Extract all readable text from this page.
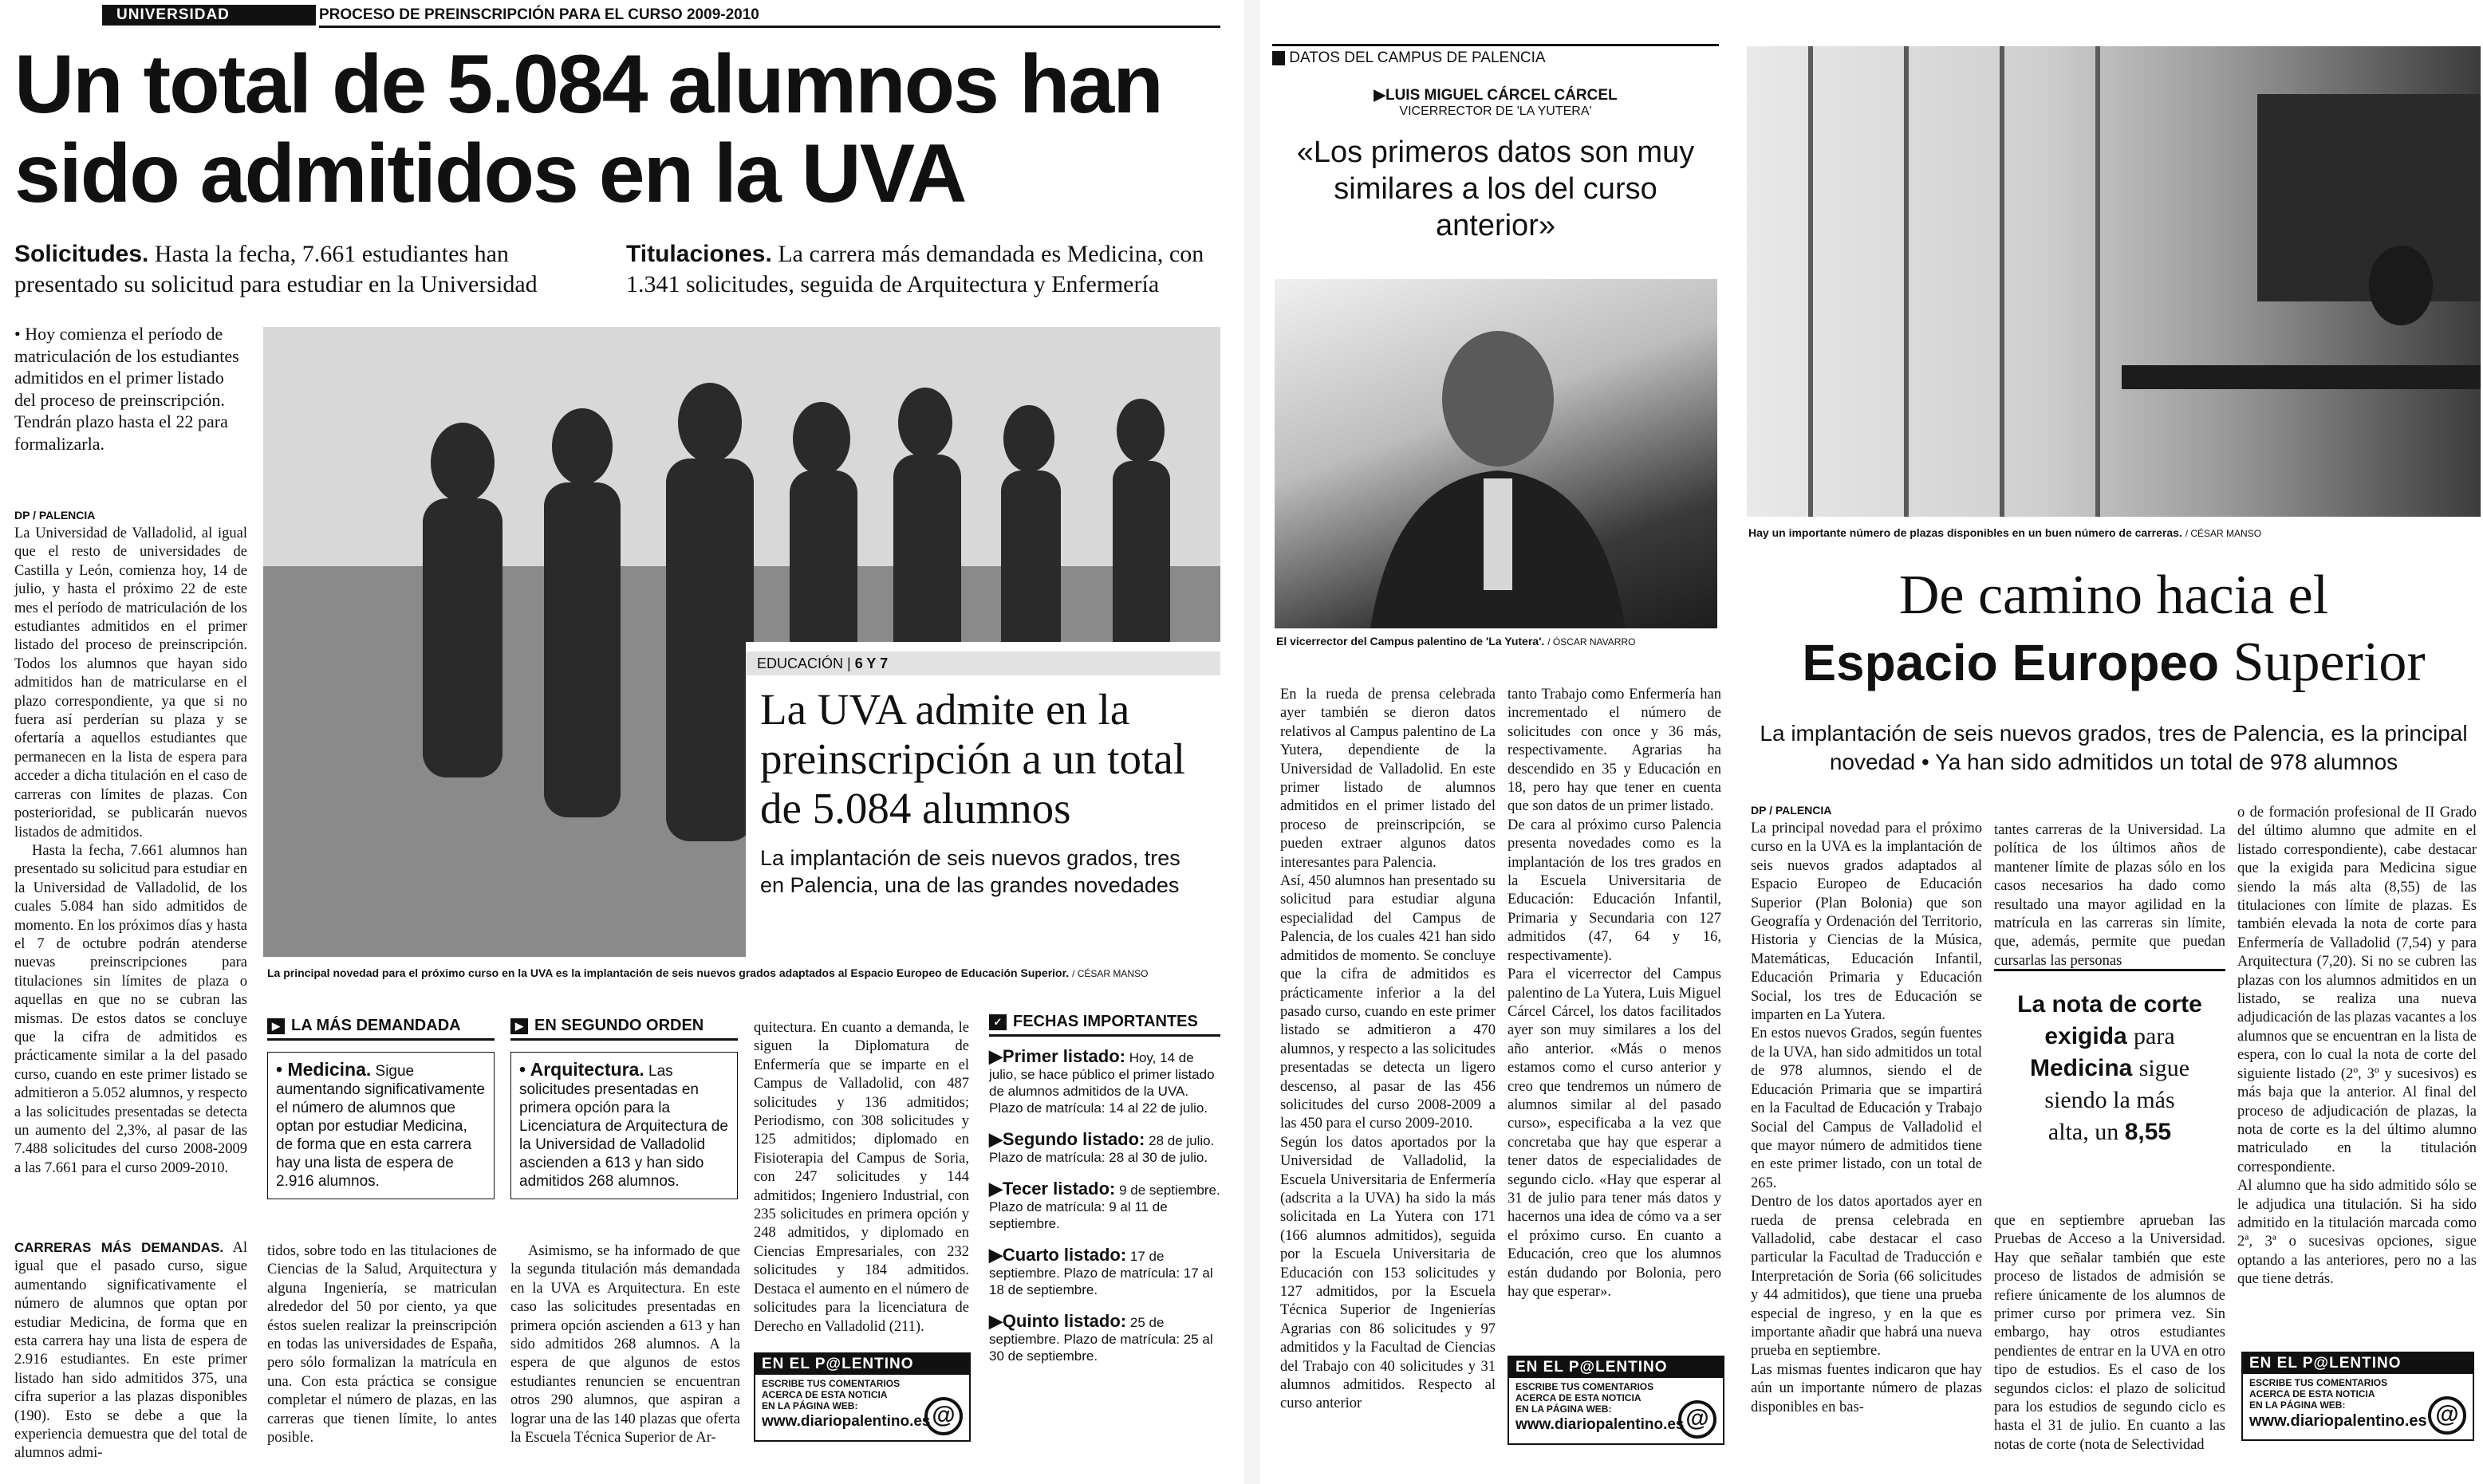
UNIVERSIDAD	PROCESO DE PREINSCRIPCIÓN PARA EL CURSO 2009-2010
Un total de 5.084 alumnos han
sido admitidos en la UVA
Solicitudes. Hasta la fecha, 7.661 estudiantes han presentado su solicitud para estudiar en la Universidad
Titulaciones. La carrera más demandada es Medicina, con 1.341 solicitudes, seguida de Arquitectura y Enfermería
• Hoy comienza el período de matriculación de los estudiantes admitidos en el primer listado del proceso de preinscripción. Tendrán plazo hasta el 22 para formalizarla.
DP / PALENCIA

La Universidad de Valladolid, al igual que el resto de universidades de Castilla y León, comienza hoy, 14 de julio, y hasta el próximo 22 de este mes el período de matriculación de los estudiantes admitidos en el primer listado del proceso de preinscripción. Todos los alumnos que hayan sido admitidos han de matricularse en el plazo correspondiente, ya que si no fuera así perderían su plaza y se ofertaría a aquellos estudiantes que permanecen en la lista de espera para acceder a dicha titulación en el caso de carreras con límites de plazas. Con posterioridad, se publicarán nuevos listados de admitidos.

Hasta la fecha, 7.661 alumnos han presentado su solicitud para estudiar en la Universidad de Valladolid, de los cuales 5.084 han sido admitidos de momento. En los próximos días y hasta el 7 de octubre podrán atenderse nuevas preinscripciones para titulaciones sin límites de plaza o aquellas en que no se cubran las mismas. De estos datos se concluye que la cifra de admitidos es prácticamente similar a la del pasado curso, cuando en este primer listado se admitieron a 5.052 alumnos, y respecto a las solicitudes presentadas se detecta un aumento del 2,3%, al pasar de las 7.488 solicitudes del curso 2008-2009 a las 7.661 para el curso 2009-2010.

CARRERAS MÁS DEMANDAS. Al igual que el pasado curso, sigue aumentando significativamente el número de alumnos que optan por estudiar Medicina, de forma que en esta carrera hay una lista de espera de 2.916 estudiantes. En este primer listado han sido admitidos 375, una cifra superior a las plazas disponibles (190). Esto se debe a que la experiencia demuestra que del total de alumnos admi-

EDUCACIÓN | 6 Y 7
La UVA admite en la preinscripción a un total de 5.084 alumnos
La implantación de seis nuevos grados, tres en Palencia, una de las grandes novedades
La principal novedad para el próximo curso en la UVA es la implantación de seis nuevos grados adaptados al Espacio Europeo de Educación Superior. / CÉSAR MANSO
▶ LA MÁS DEMANDADA
• Medicina. Sigue aumentando significativamente el número de alumnos que optan por estudiar Medicina, de forma que en esta carrera hay una lista de espera de 2.916 alumnos.
▶ EN SEGUNDO ORDEN
• Arquitectura. Las solicitudes presentadas en primera opción para la Licenciatura de Arquitectura de la Universidad de Valladolid ascienden a 613 y han sido admitidos 268 alumnos.

tidos, sobre todo en las titulaciones de Ciencias de la Salud, Arquitectura y alguna Ingeniería, se matriculan alrededor del 50 por ciento, ya que éstos suelen realizar la preinscripción en todas las universidades de España, pero sólo formalizan la matrícula en una. Con esta práctica se consigue completar el número de plazas, en las carreras que tienen límite, lo antes posible.

Asimismo, se ha informado de que la segunda titulación más demandada en la UVA es Arquitectura. En este caso las solicitudes presentadas en primera opción ascienden a 613 y han sido admitidos 268 alumnos. A la espera de que algunos de estos estudiantes renuncien se encuentran otros 290 alumnos, que aspiran a lograr una de las 140 plazas que oferta la Escuela Técnica Superior de Ar-

quitectura. En cuanto a demanda, le siguen la Diplomatura de Enfermería que se imparte en el Campus de Valladolid, con 487 solicitudes y 136 admitidos; Periodismo, con 308 solicitudes y 125 admitidos; diplomado en Fisioterapia del Campus de Soria, con 247 solicitudes y 144 admitidos; Ingeniero Industrial, con 235 solicitudes en primera opción y 248 admitidos, y diplomado en Ciencias Empresariales, con 232 solicitudes y 184 admitidos. Destaca el aumento en el número de solicitudes para la licenciatura de Derecho en Valladolid (211).

EN EL P@LENTINO
ESCRIBE TUS COMENTARIOS
ACERCA DE ESTA NOTICIA
EN LA PÁGINA WEB:
www.diariopalentino.es @
✓ FECHAS IMPORTANTES
▶Primer listado: Hoy, 14 de julio, se hace público el primer listado de alumnos admitidos de la UVA. Plazo de matrícula: 14 al 22 de julio.
▶Segundo listado: 28 de julio. Plazo de matrícula: 28 al 30 de julio.
▶Tecer listado: 9 de septiembre. Plazo de matrícula: 9 al 11 de septiembre.
▶Cuarto listado: 17 de septiembre. Plazo de matrícula: 17 al 18 de septiembre.
▶Quinto listado: 25 de septiembre. Plazo de matrícula: 25 al 30 de septiembre.
DATOS DEL CAMPUS DE PALENCIA
▶LUIS MIGUEL CÁRCEL CÁRCEL
VICERRECTOR DE 'LA YUTERA'
«Los primeros datos son muy similares a los del curso anterior»
El vicerrector del Campus palentino de 'La Yutera'. / ÓSCAR NAVARRO

En la rueda de prensa celebrada ayer también se dieron datos relativos al Campus palentino de La Yutera, dependiente de la Universidad de Valladolid. En este primer listado de alumnos admitidos en el primer listado del proceso de preinscripción, se pueden extraer algunos datos interesantes para Palencia.
Así, 450 alumnos han presentado su solicitud para estudiar alguna especialidad del Campus de Palencia, de los cuales 421 han sido admitidos de momento. Se concluye que la cifra de admitidos es prácticamente inferior a la del pasado curso, cuando en este primer listado se admitieron a 470 alumnos, y respecto a las solicitudes presentadas se detecta un ligero descenso, al pasar de las 456 solicitudes del curso 2008-2009 a las 450 para el curso 2009-2010.
Según los datos aportados por la Universidad de Valladolid, la Escuela Universitaria de Enfermería (adscrita a la UVA) ha sido la más solicitada en La Yutera con 171 (166 alumnos admitidos), seguida por la Escuela Universitaria de Educación con 153 solicitudes y 127 admitidos, por la Escuela Técnica Superior de Ingenierías Agrarias con 86 solicitudes y 97 admitidos y la Facultad de Ciencias del Trabajo con 40 solicitudes y 31 alumnos admitidos. Respecto al curso anterior

tanto Trabajo como Enfermería han incrementado el número de solicitudes con once y 36 más, respectivamente. Agrarias ha descendido en 35 y Educación en 18, pero hay que tener en cuenta que son datos de un primer listado.
De cara al próximo curso Palencia presenta novedades como es la implantación de los tres grados en la Escuela Universitaria de Educación: Educación Infantil, Primaria y Secundaria con 127 admitidos (47, 64 y 16, respectivamente).
Para el vicerrector del Campus palentino de La Yutera, Luis Miguel Cárcel Cárcel, los datos facilitados ayer son muy similares a los del año anterior. «Más o menos estamos como el curso anterior y creo que tendremos un número de alumnos similar al del pasado curso», especificaba a la vez que concretaba que hay que esperar a tener datos de especialidades de segundo ciclo. «Hay que esperar al 31 de julio para tener más datos y hacernos una idea de cómo va a ser el próximo curso. En cuanto a Educación, creo que los alumnos están dudando por Bolonia, pero hay que esperar».

EN EL P@LENTINO
ESCRIBE TUS COMENTARIOS
ACERCA DE ESTA NOTICIA
EN LA PÁGINA WEB:
www.diariopalentino.es @
Hay un importante número de plazas disponibles en un buen número de carreras. / CÉSAR MANSO
De camino hacia el
Espacio Europeo Superior
La implantación de seis nuevos grados, tres de Palencia, es la principal novedad • Ya han sido admitidos un total de 978 alumnos
DP / PALENCIA

La principal novedad para el próximo curso en la UVA es la implantación de seis nuevos grados adaptados al Espacio Europeo de Educación Superior (Plan Bolonia) que son Geografía y Ordenación del Territorio, Historia y Ciencias de la Música, Matemáticas, Educación Infantil, Educación Primaria y Educación Social, los tres de Educación se imparten en La Yutera.
En estos nuevos Grados, según fuentes de la UVA, han sido admitidos un total de 978 alumnos, siendo el de Educación Primaria que se impartirá en la Facultad de Educación y Trabajo Social del Campus de Valladolid el que mayor número de admitidos tiene en este primer listado, con un total de 265.
Dentro de los datos aportados ayer en rueda de prensa celebrada en Valladolid, cabe destacar el caso particular la Facultad de Traducción e Interpretación de Soria (66 solicitudes y 44 admitidos), que tiene una prueba especial de ingreso, y en la que es importante añadir que habrá una nueva prueba en septiembre.
Las mismas fuentes indicaron que hay aún un importante número de plazas disponibles en bas-

tantes carreras de la Universidad. La política de los últimos años de mantener límite de plazas sólo en los casos necesarios ha dado como resultado una mayor agilidad en la matrícula en las carreras sin límite, que, además, permite que puedan cursarlas las personas

La nota de corte
exigida para
Medicina sigue
siendo la más
alta, un 8,55

que en septiembre aprueban las Pruebas de Acceso a la Universidad. Hay que señalar también que este proceso de listados de admisión se refiere únicamente de los alumnos de primer curso por primera vez. Sin embargo, hay otros estudiantes pendientes de entrar en la UVA en otro tipo de estudios. Es el caso de los segundos ciclos: el plazo de solicitud para los estudios de segundo ciclo es hasta el 31 de julio. En cuanto a las notas de corte (nota de Selectividad

o de formación profesional de II Grado del último alumno que admite en el listado correspondiente), cabe destacar que la exigida para Medicina sigue siendo la más alta (8,55) de las titulaciones con límite de plazas. Es también elevada la nota de corte para Enfermería de Valladolid (7,54) y para Arquitectura (7,20). Si no se cubren las plazas con los alumnos admitidos en un listado, se realiza una nueva adjudicación de las plazas vacantes a los alumnos que se encuentran en la lista de espera, con lo cual la nota de corte del siguiente listado (2º, 3º y sucesivos) es más baja que la anterior. Al final del proceso de adjudicación de plazas, la nota de corte es la del último alumno matriculado en la titulación correspondiente.
Al alumno que ha sido admitido sólo se le adjudica una titulación. Si ha sido admitido en la titulación marcada como 2ª, 3ª o sucesivas opciones, sigue optando a las anteriores, pero no a las que tiene detrás.

EN EL P@LENTINO
ESCRIBE TUS COMENTARIOS
ACERCA DE ESTA NOTICIA
EN LA PÁGINA WEB:
www.diariopalentino.es @
